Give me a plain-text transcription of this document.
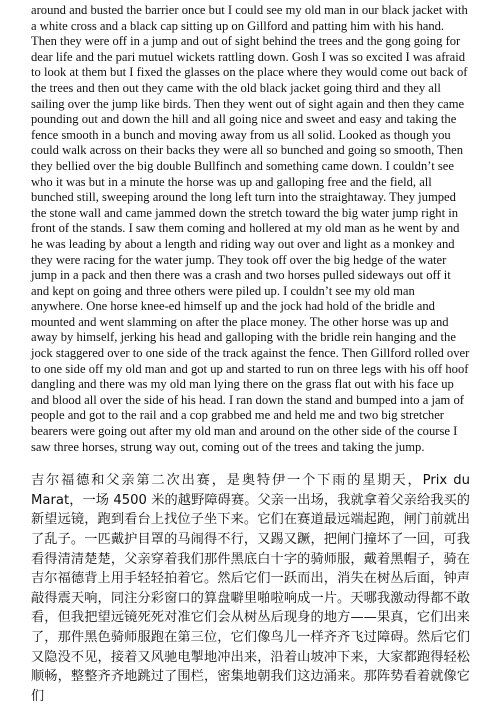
around and busted the barrier once but I could see my old man in our black jacket with a white cross and a black cap sitting up on Gillford and patting him with his hand. Then they were off in a jump and out of sight behind the trees and the gong going for dear life and the pari mutuel wickets rattling down. Gosh I was so excited I was afraid to look at them but I fixed the glasses on the place where they would come out back of the trees and then out they came with the old black jacket going third and they all sailing over the jump like birds. Then they went out of sight again and then they came pounding out and down the hill and all going nice and sweet and easy and taking the fence smooth in a bunch and moving away from us all solid. Looked as though you could walk across on their backs they were all so bunched and going so smooth, Then they bellied over the big double Bullfinch and something came down. I couldn’t see who it was but in a minute the horse was up and galloping free and the field, all bunched still, sweeping around the long left turn into the straightaway. They jumped the stone wall and came jammed down the stretch toward the big water jump right in front of the stands. I saw them coming and hollered at my old man as he went by and he was leading by about a length and riding way out over and light as a monkey and they were racing for the water jump. They took off over the big hedge of the water jump in a pack and then there was a crash and two horses pulled sideways out off it and kept on going and three others were piled up. I couldn’t see my old man anywhere. One horse knee-ed himself up and the jock had hold of the bridle and mounted and went slamming on after the place money. The other horse was up and away by himself, jerking his head and galloping with the bridle rein hanging and the jock staggered over to one side of the track against the fence. Then Gillford rolled over to one side off my old man and got up and started to run on three legs with his off hoof dangling and there was my old man lying there on the grass flat out with his face up and blood all over the side of his head. I ran down the stand and bumped into a jam of people and got to the rail and a cop grabbed me and held me and two big stretcher bearers were going out after my old man and around on the other side of the course I saw three horses, strung way out, coming out of the trees and taking the jump.

吉尔福德和父亲第二次出赛，是奥特伊一个下雨的星期天，Prix du Marat，一场 4500 米的越野障碍赛。父亲一出场，我就拿着父亲给我买的新望远镜，跑到看台上找位子坐下来。它们在赛道最远端起跑，闸门前就出了乱子。一匹戴护目罩的马闹得不行，又踢又蹶，把闸门撞坏了一回，可我看得清清楚楚，父亲穿着我们那件黑底白十字的骑师服，戴着黑帽子，骑在吉尔福德背上用手轻轻拍着它。然后它们一跃而出，消失在树丛后面，钟声敲得震天响，同注分彩窗口的算盘噼里啪啦响成一片。天哪我激动得都不敢看，但我把望远镜死死对准它们会从树丛后现身的地方——果真，它们出来了，那件黑色骑师服跑在第三位，它们像鸟儿一样齐齐飞过障碍。然后它们又隐没不见，接着又风驰电掣地冲出来，沿着山坡冲下来，大家都跑得轻松顺畅，整整齐齐地跳过了围栏，密集地朝我们这边涌来。那阵势看着就像它们
